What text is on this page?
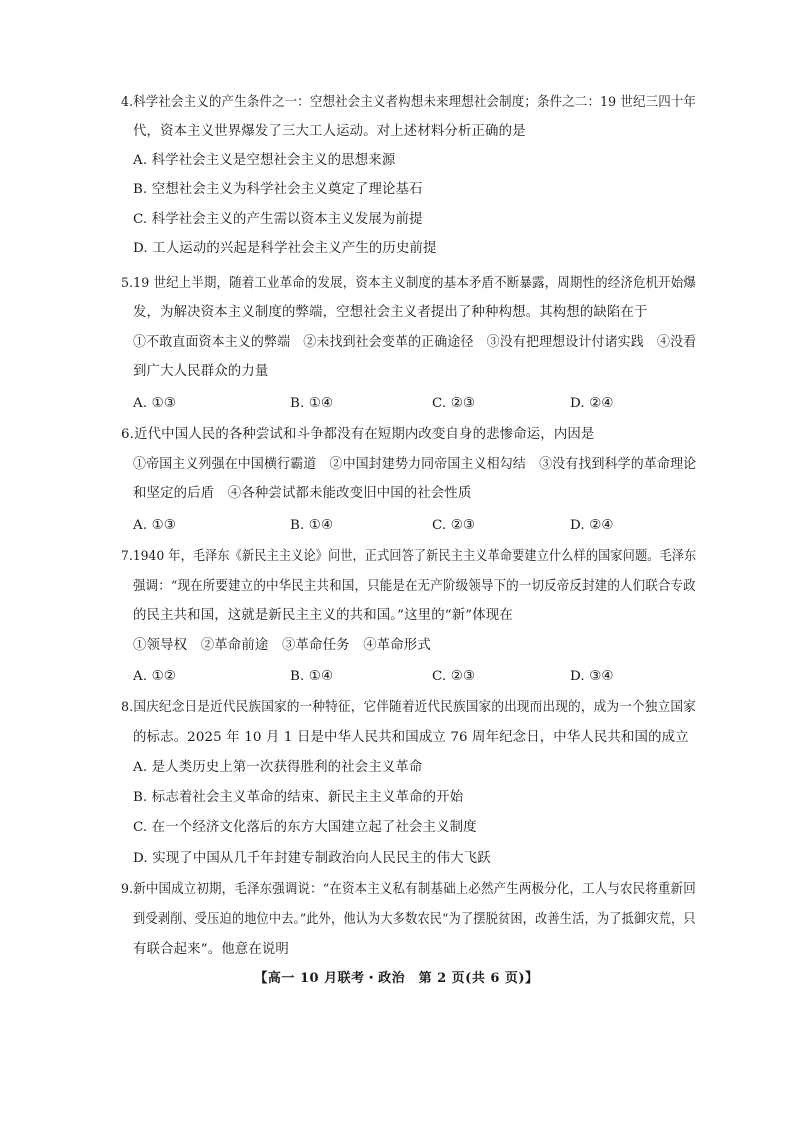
4.科学社会主义的产生条件之一：空想社会主义者构想未来理想社会制度；条件之二：19 世纪三四十年
代，资本主义世界爆发了三大工人运动。对上述材料分析正确的是
A. 科学社会主义是空想社会主义的思想来源
B. 空想社会主义为科学社会主义奠定了理论基石
C. 科学社会主义的产生需以资本主义发展为前提
D. 工人运动的兴起是科学社会主义产生的历史前提
5.19 世纪上半期，随着工业革命的发展，资本主义制度的基本矛盾不断暴露，周期性的经济危机开始爆
发，为解决资本主义制度的弊端，空想社会主义者提出了种种构想。其构想的缺陷在于
①不敢直面资本主义的弊端　②未找到社会变革的正确途径　③没有把理想设计付诸实践　④没看
到广大人民群众的力量
A. ①③	B. ①④	C. ②③	D. ②④
6.近代中国人民的各种尝试和斗争都没有在短期内改变自身的悲惨命运，内因是
①帝国主义列强在中国横行霸道　②中国封建势力同帝国主义相勾结　③没有找到科学的革命理论
和坚定的后盾　④各种尝试都未能改变旧中国的社会性质
A. ①③	B. ①④	C. ②③	D. ②④
7.1940 年，毛泽东《新民主主义论》问世，正式回答了新民主主义革命要建立什么样的国家问题。毛泽东
强调：“现在所要建立的中华民主共和国，只能是在无产阶级领导下的一切反帝反封建的人们联合专政
的民主共和国，这就是新民主主义的共和国。”这里的“新”体现在
①领导权　②革命前途　③革命任务　④革命形式
A. ①②	B. ①④	C. ②③	D. ③④
8.国庆纪念日是近代民族国家的一种特征，它伴随着近代民族国家的出现而出现的，成为一个独立国家
的标志。2025 年 10 月 1 日是中华人民共和国成立 76 周年纪念日，中华人民共和国的成立
A. 是人类历史上第一次获得胜利的社会主义革命
B. 标志着社会主义革命的结束、新民主主义革命的开始
C. 在一个经济文化落后的东方大国建立起了社会主义制度
D. 实现了中国从几千年封建专制政治向人民民主的伟大飞跃
9.新中国成立初期，毛泽东强调说：“在资本主义私有制基础上必然产生两极分化，工人与农民将重新回
到受剥削、受压迫的地位中去。”此外，他认为大多数农民“为了摆脱贫困，改善生活，为了抵御灾荒，只
有联合起来”。他意在说明
【高一 10 月联考・政治　第 2 页(共 6 页)】
